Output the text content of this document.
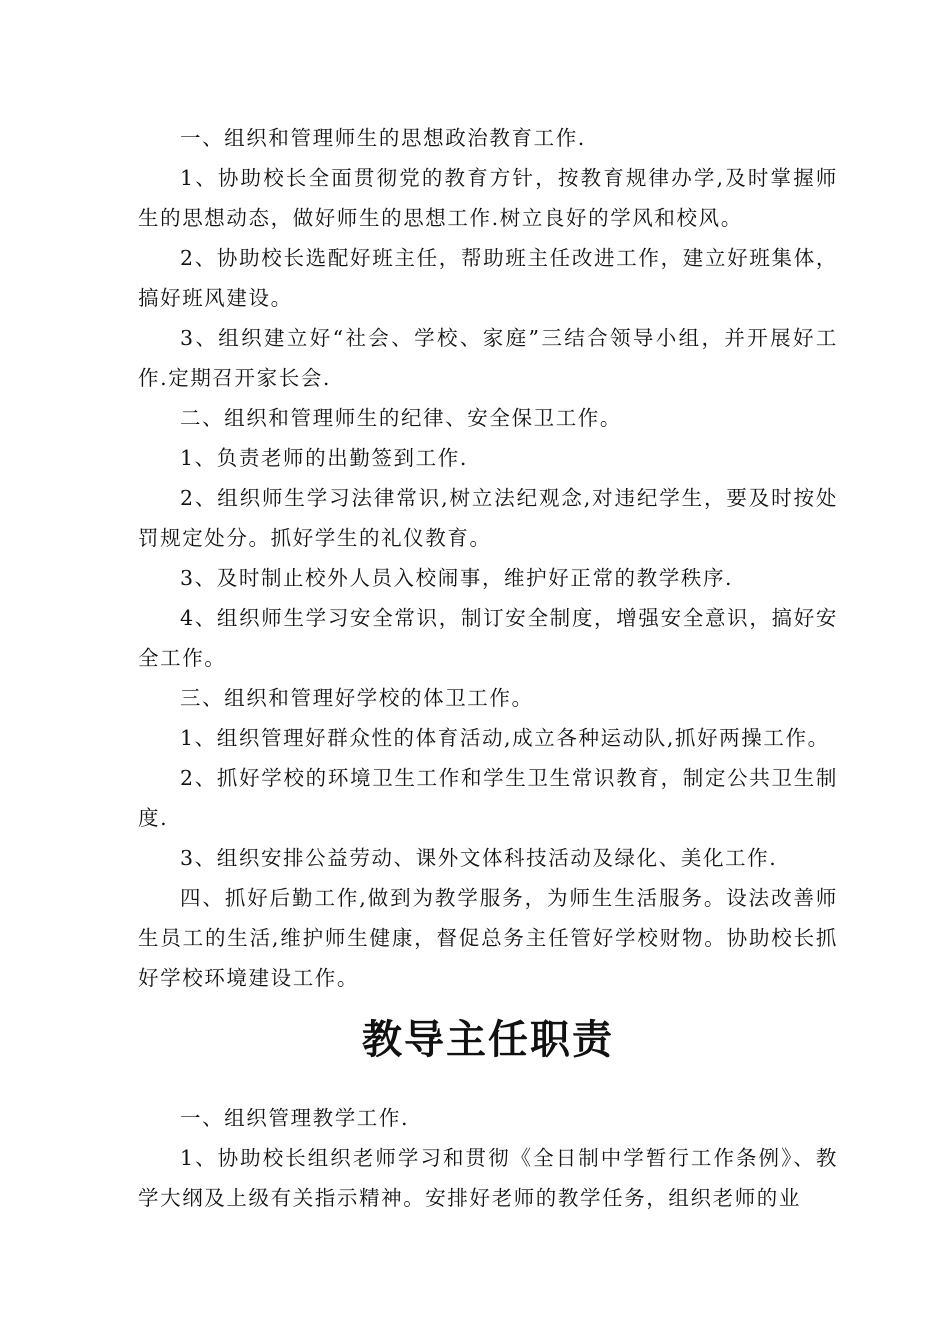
一、组织和管理师生的思想政治教育工作.

1、协助校长全面贯彻党的教育方针，按教育规律办学,及时掌握师生的思想动态，做好师生的思想工作.树立良好的学风和校风。

2、协助校长选配好班主任，帮助班主任改进工作，建立好班集体，搞好班风建设。

3、组织建立好“社会、学校、家庭”三结合领导小组，并开展好工作.定期召开家长会.

二、组织和管理师生的纪律、安全保卫工作。

1、负责老师的出勤签到工作.

2、组织师生学习法律常识,树立法纪观念,对违纪学生，要及时按处罚规定处分。抓好学生的礼仪教育。

3、及时制止校外人员入校闹事，维护好正常的教学秩序.

4、组织师生学习安全常识，制订安全制度，增强安全意识，搞好安全工作。

三、组织和管理好学校的体卫工作。

1、组织管理好群众性的体育活动,成立各种运动队,抓好两操工作。

2、抓好学校的环境卫生工作和学生卫生常识教育，制定公共卫生制度.

3、组织安排公益劳动、课外文体科技活动及绿化、美化工作.

四、抓好后勤工作,做到为教学服务，为师生生活服务。设法改善师生员工的生活,维护师生健康，督促总务主任管好学校财物。协助校长抓好学校环境建设工作。

教导主任职责

一、组织管理教学工作.

1、协助校长组织老师学习和贯彻《全日制中学暂行工作条例》、教学大纲及上级有关指示精神。安排好老师的教学任务，组织老师的业
